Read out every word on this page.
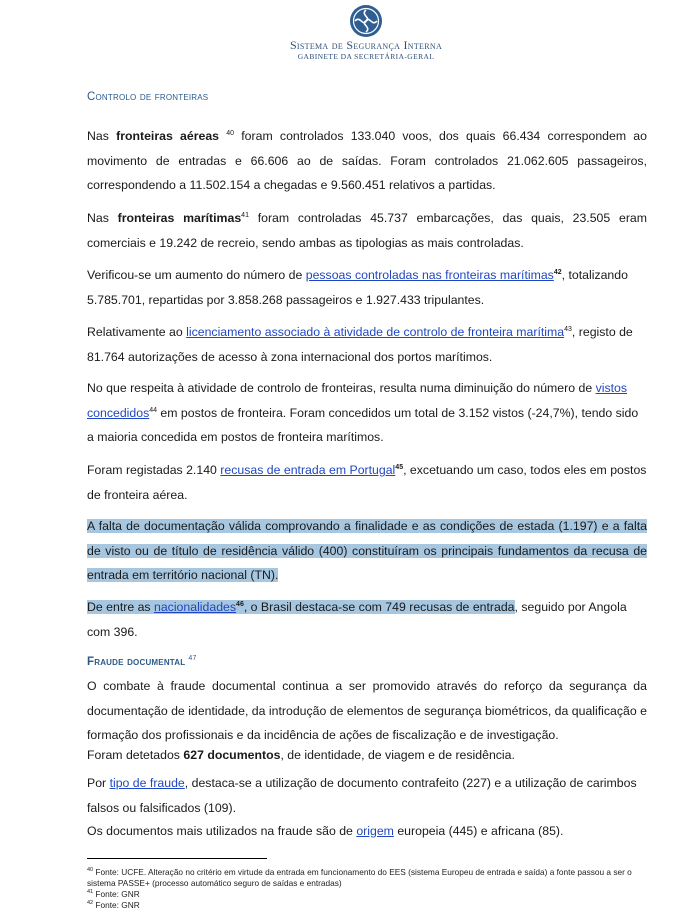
Sistema de Segurança Interna
GABINETE DA SECRETÁRIA-GERAL
Controlo de fronteiras
Nas fronteiras aéreas $^{40}$ foram controlados 133.040 voos, dos quais 66.434 correspondem ao movimento de entradas e 66.606 ao de saídas. Foram controlados 21.062.605 passageiros, correspondendo a 11.502.154 a chegadas e 9.560.451 relativos a partidas.
Nas fronteiras marítimas$^{41}$ foram controladas 45.737 embarcações, das quais, 23.505 eram comerciais e 19.242 de recreio, sendo ambas as tipologias as mais controladas.
Verificou-se um aumento do número de pessoas controladas nas fronteiras marítimas$^{42}$, totalizando 5.785.701, repartidas por 3.858.268 passageiros e 1.927.433 tripulantes.
Relativamente ao licenciamento associado à atividade de controlo de fronteira marítima$^{43}$, registo de 81.764 autorizações de acesso à zona internacional dos portos marítimos.
No que respeita à atividade de controlo de fronteiras, resulta numa diminuição do número de vistos concedidos$^{44}$ em postos de fronteira. Foram concedidos um total de 3.152 vistos (-24,7%), tendo sido a maioria concedida em postos de fronteira marítimos.
Foram registadas 2.140 recusas de entrada em Portugal$^{45}$, excetuando um caso, todos eles em postos de fronteira aérea.
A falta de documentação válida comprovando a finalidade e as condições de estada (1.197) e a falta de visto ou de título de residência válido (400) constituíram os principais fundamentos da recusa de entrada em território nacional (TN).
De entre as nacionalidades$^{46}$, o Brasil destaca-se com 749 recusas de entrada, seguido por Angola com 396.
Fraude documental $^{47}$
O combate à fraude documental continua a ser promovido através do reforço da segurança da documentação de identidade, da introdução de elementos de segurança biométricos, da qualificação e formação dos profissionais e da incidência de ações de fiscalização e de investigação.
Foram detetados 627 documentos, de identidade, de viagem e de residência.
Por tipo de fraude, destaca-se a utilização de documento contrafeito (227) e a utilização de carimbos falsos ou falsificados (109).
Os documentos mais utilizados na fraude são de origem europeia (445) e africana (85).
$^{40}$ Fonte: UCFE. Alteração no critério em virtude da entrada em funcionamento do EES (sistema Europeu de entrada e saída) a fonte passou a ser o sistema PASSE+ (processo automático seguro de saídas e entradas)
$^{41}$ Fonte: GNR
$^{42}$ Fonte: GNR
